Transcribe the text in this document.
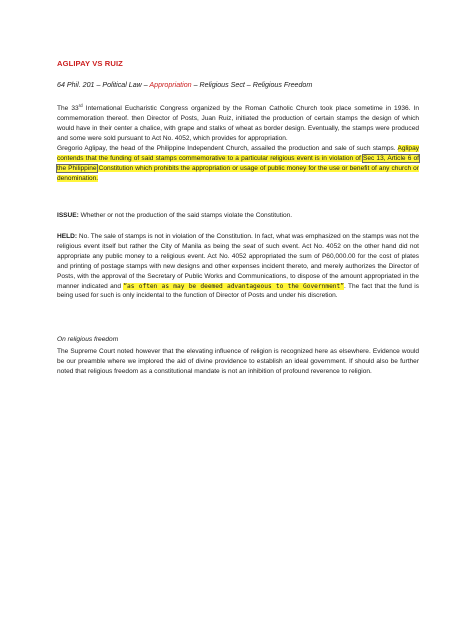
AGLIPAY VS RUIZ
64 Phil. 201 – Political Law – Appropriation – Religious Sect – Religious Freedom
The 33rd International Eucharistic Congress organized by the Roman Catholic Church took place sometime in 1936. In commemoration thereof. then Director of Posts, Juan Ruiz, initiated the production of certain stamps the design of which would have in their center a chalice, with grape and stalks of wheat as border design. Eventually, the stamps were produced and some were sold pursuant to Act No. 4052, which provides for appropriation.
Gregorio Aglipay, the head of the Philippine Independent Church, assailed the production and sale of such stamps. Aglipay contends that the funding of said stamps commemorative to a particular religious event is in violation of Sec 13, Article 6 of the Philippine Constitution which prohibits the appropriation or usage of public money for the use or benefit of any church or denomination.
ISSUE: Whether or not the production of the said stamps violate the Constitution.
HELD: No. The sale of stamps is not in violation of the Constitution. In fact, what was emphasized on the stamps was not the religious event itself but rather the City of Manila as being the seat of such event. Act No. 4052 on the other hand did not appropriate any public money to a religious event. Act No. 4052 appropriated the sum of P60,000.00 for the cost of plates and printing of postage stamps with new designs and other expenses incident thereto, and merely authorizes the Director of Posts, with the approval of the Secretary of Public Works and Communications, to dispose of the amount appropriated in the manner indicated and “as often as may be deemed advantageous to the Government”. The fact that the fund is being used for such is only incidental to the function of Director of Posts and under his discretion.
On religious freedom
The Supreme Court noted however that the elevating influence of religion is recognized here as elsewhere. Evidence would be our preamble where we implored the aid of divine providence to establish an ideal government. If should also be further noted that religious freedom as a constitutional mandate is not an inhibition of profound reverence to religion.
